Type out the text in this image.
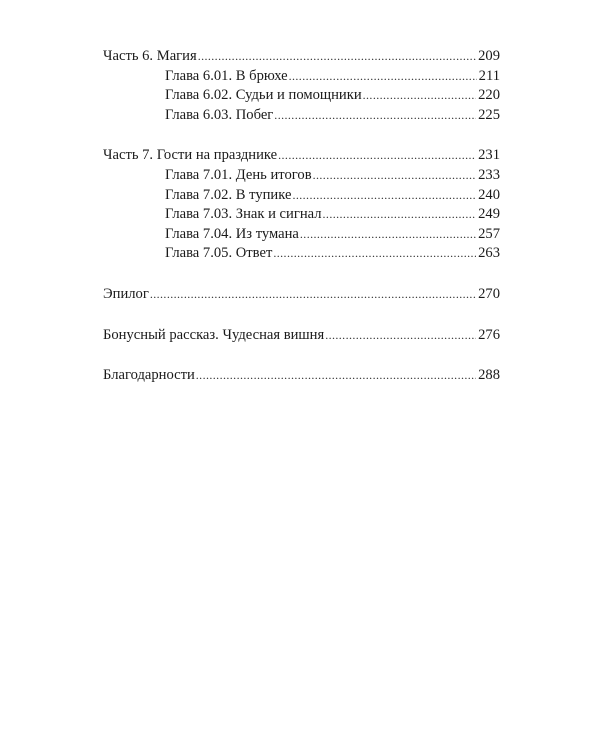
Часть 6. Магия .....	209
Глава 6.01. В брюхе .....	211
Глава 6.02. Судьи и помощники .....	220
Глава 6.03. Побег .....	225
Часть 7. Гости на празднике .....	231
Глава 7.01. День итогов .....	233
Глава 7.02. В тупике .....	240
Глава 7.03. Знак и сигнал .....	249
Глава 7.04. Из тумана .....	257
Глава 7.05. Ответ .....	263
Эпилог .....	270
Бонусный рассказ. Чудесная вишня .....	276
Благодарности .....	288
